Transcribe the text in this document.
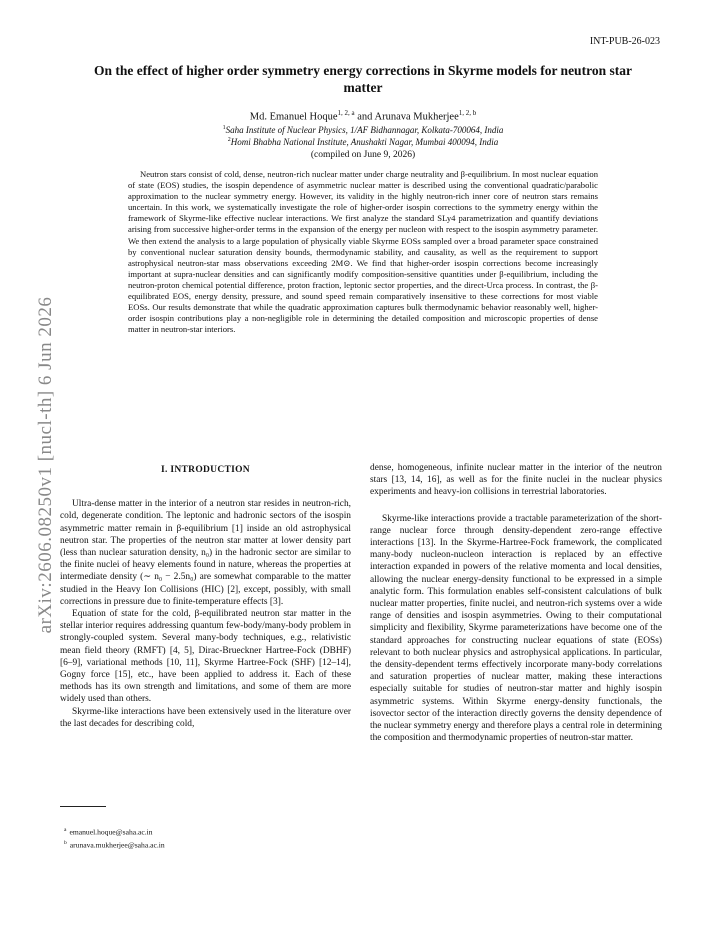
INT-PUB-26-023
arXiv:2606.08250v1 [nucl-th] 6 Jun 2026
On the effect of higher order symmetry energy corrections in Skyrme models for neutron star matter
Md. Emanuel Hoque$^{1, 2, a}$ and Arunava Mukherjee$^{1, 2, b}$
$^1$Saha Institute of Nuclear Physics, 1/AF Bidhannagar, Kolkata-700064, India
$^2$Homi Bhabha National Institute, Anushakti Nagar, Mumbai 400094, India
(compiled on June 9, 2026)

Neutron stars consist of cold, dense, neutron-rich nuclear matter under charge neutrality and β-equilibrium. In most nuclear equation of state (EOS) studies, the isospin dependence of asymmetric nuclear matter is described using the conventional quadratic/parabolic approximation to the nuclear symmetry energy. However, its validity in the highly neutron-rich inner core of neutron stars remains uncertain. In this work, we systematically investigate the role of higher-order isospin corrections to the symmetry energy within the framework of Skyrme-like effective nuclear interactions. We first analyze the standard SLy4 parametrization and quantify deviations arising from successive higher-order terms in the expansion of the energy per nucleon with respect to the isospin asymmetry parameter. We then extend the analysis to a large population of physically viable Skyrme EOSs sampled over a broad parameter space constrained by conventional nuclear saturation density bounds, thermodynamic stability, and causality, as well as the requirement to support astrophysical neutron-star mass observations exceeding 2M⊙. We find that higher-order isospin corrections become increasingly important at supra-nuclear densities and can significantly modify composition-sensitive quantities under β-equilibrium, including the neutron-proton chemical potential difference, proton fraction, leptonic sector properties, and the direct-Urca process. In contrast, the β-equilibrated EOS, energy density, pressure, and sound speed remain comparatively insensitive to these corrections for most viable EOSs. Our results demonstrate that while the quadratic approximation captures bulk thermodynamic behavior reasonably well, higher-order isospin contributions play a non-negligible role in determining the detailed composition and microscopic properties of dense matter in neutron-star interiors.

I. INTRODUCTION

Ultra-dense matter in the interior of a neutron star resides in neutron-rich, cold, degenerate condition. The leptonic and hadronic sectors of the isospin asymmetric matter remain in β-equilibrium [1] inside an old astrophysical neutron star. The properties of the neutron star matter at lower density part (less than nuclear saturation density, n₀) in the hadronic sector are similar to the finite nuclei of heavy elements found in nature, whereas the properties at intermediate density (∼ n₀ − 2.5n₀) are somewhat comparable to the matter studied in the Heavy Ion Collisions (HIC) [2], except, possibly, with small corrections in pressure due to finite-temperature effects [3].

Equation of state for the cold, β-equilibrated neutron star matter in the stellar interior requires addressing quantum few-body/many-body problem in strongly-coupled system. Several many-body techniques, e.g., relativistic mean field theory (RMFT) [4, 5], Dirac-Brueckner Hartree-Fock (DBHF) [6–9], variational methods [10, 11], Skyrme Hartree-Fock (SHF) [12–14], Gogny force [15], etc., have been applied to address it. Each of these methods has its own strength and limitations, and some of them are more widely used than others.

Skyrme-like interactions have been extensively used in the literature over the last decades for describing cold,

dense, homogeneous, infinite nuclear matter in the interior of the neutron stars [13, 14, 16], as well as for the finite nuclei in the nuclear physics experiments and heavy-ion collisions in terrestrial laboratories.

Skyrme-like interactions provide a tractable parameterization of the short-range nuclear force through density-dependent zero-range effective interactions [13]. In the Skyrme-Hartree-Fock framework, the complicated many-body nucleon-nucleon interaction is replaced by an effective interaction expanded in powers of the relative momenta and local densities, allowing the nuclear energy-density functional to be expressed in a simple analytic form. This formulation enables self-consistent calculations of bulk nuclear matter properties, finite nuclei, and neutron-rich systems over a wide range of densities and isospin asymmetries. Owing to their computational simplicity and flexibility, Skyrme parameterizations have become one of the standard approaches for constructing nuclear equations of state (EOSs) relevant to both nuclear physics and astrophysical applications. In particular, the density-dependent terms effectively incorporate many-body correlations and saturation properties of nuclear matter, making these interactions especially suitable for studies of neutron-star matter and highly isospin asymmetric systems. Within Skyrme energy-density functionals, the isovector sector of the interaction directly governs the density dependence of the nuclear symmetry energy and therefore plays a central role in determining the composition and thermodynamic properties of neutron-star matter.

$^a$ emanuel.hoque@saha.ac.in
$^b$ arunava.mukherjee@saha.ac.in
